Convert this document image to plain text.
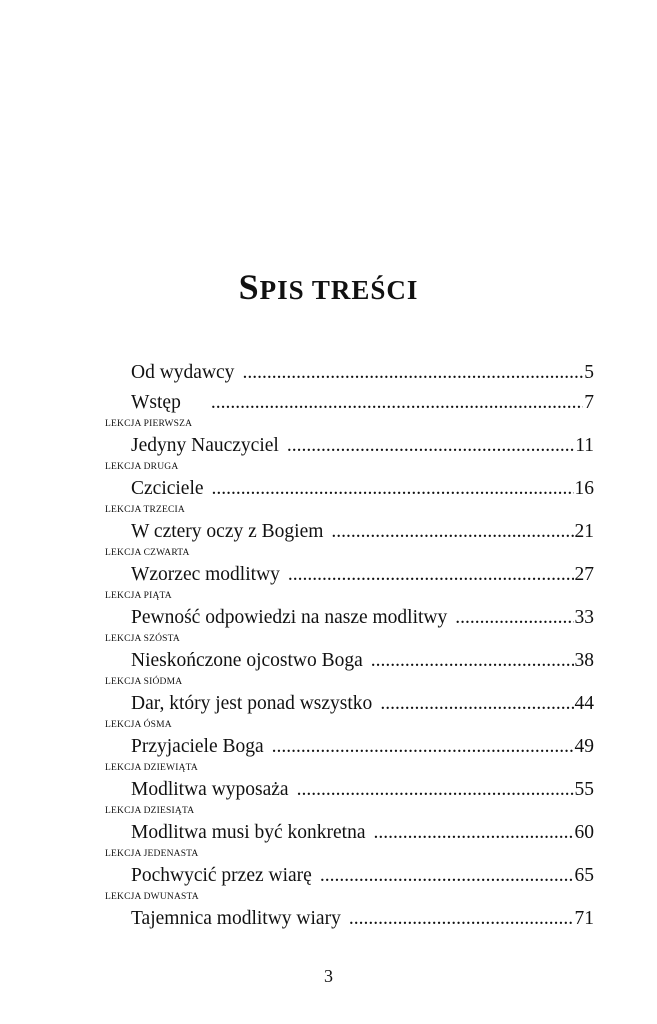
SPIS TREŚCI
Od wydawcy .....	5
Wstęp .....	7
LEKCJA PIERWSZA
Jedyny Nauczyciel .....	11
LEKCJA DRUGA
Czciciele .....	16
LEKCJA TRZECIA
W cztery oczy z Bogiem .....	21
LEKCJA CZWARTA
Wzorzec modlitwy .....	27
LEKCJA PIĄTA
Pewność odpowiedzi na nasze modlitwy .....	33
LEKCJA SZÓSTA
Nieskończone ojcostwo Boga .....	38
LEKCJA SIÓDMA
Dar, który jest ponad wszystko .....	44
LEKCJA ÓSMA
Przyjaciele Boga .....	49
LEKCJA DZIEWIĄTA
Modlitwa wyposaża .....	55
LEKCJA DZIESIĄTA
Modlitwa musi być konkretna .....	60
LEKCJA JEDENASTA
Pochwycić przez wiarę .....	65
LEKCJA DWUNASTA
Tajemnica modlitwy wiary .....	71
3
